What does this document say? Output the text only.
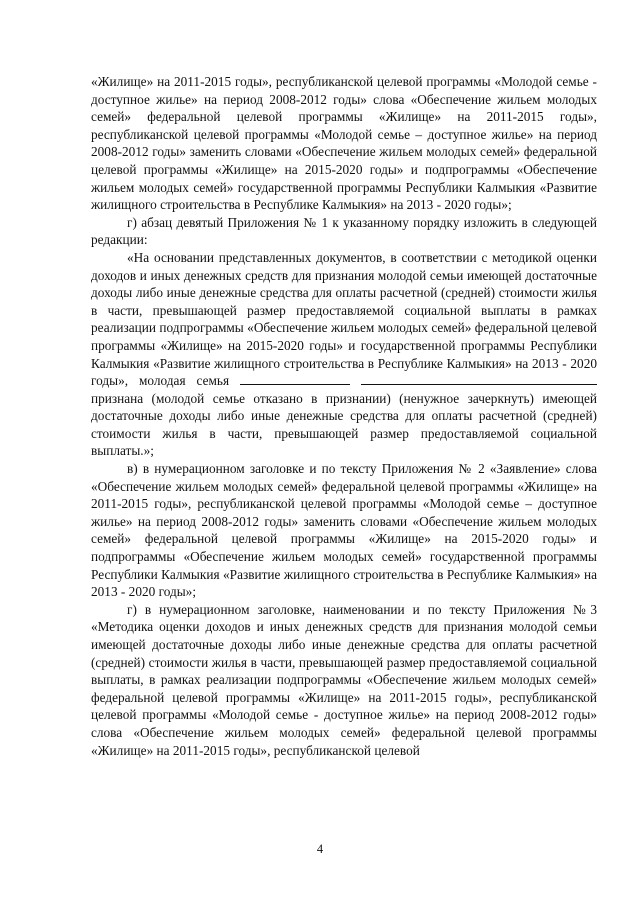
«Жилище» на 2011-2015 годы», республиканской целевой программы «Молодой семье - доступное жилье» на период 2008-2012 годы» слова «Обеспечение жильем молодых семей» федеральной целевой программы «Жилище» на 2011-2015 годы», республиканской целевой программы «Молодой семье – доступное жилье» на период 2008-2012 годы» заменить словами «Обеспечение жильем молодых семей» федеральной целевой программы «Жилище» на 2015-2020 годы» и подпрограммы «Обеспечение жильем молодых семей» государственной программы Республики Калмыкия «Развитие жилищного строительства в Республике Калмыкия» на 2013 - 2020 годы»;

г) абзац девятый Приложения № 1 к указанному порядку изложить в следующей редакции:

«На основании представленных документов, в соответствии с методикой оценки доходов и иных денежных средств для признания молодой семьи имеющей достаточные доходы либо иные денежные средства для оплаты расчетной (средней) стоимости жилья в части, превышающей размер предоставляемой социальной выплаты в рамках реализации подпрограммы «Обеспечение жильем молодых семей» федеральной целевой программы «Жилище» на 2015-2020 годы» и государственной программы Республики Калмыкия «Развитие жилищного строительства в Республике Калмыкия» на 2013 - 2020 годы», молодая семья   признана (молодой семье отказано в признании) (ненужное зачеркнуть) имеющей достаточные доходы либо иные денежные средства для оплаты расчетной (средней) стоимости жилья в части, превышающей размер предоставляемой социальной выплаты.»;

в) в нумерационном заголовке и по тексту Приложения № 2 «Заявление» слова «Обеспечение жильем молодых семей» федеральной целевой программы «Жилище» на 2011-2015 годы», республиканской целевой программы «Молодой семье – доступное жилье» на период 2008-2012 годы» заменить словами «Обеспечение жильем молодых семей» федеральной целевой программы «Жилище» на 2015-2020 годы» и подпрограммы «Обеспечение жильем молодых семей» государственной программы Республики Калмыкия «Развитие жилищного строительства в Республике Калмыкия» на 2013 - 2020 годы»;

г) в нумерационном заголовке, наименовании и по тексту Приложения №3 «Методика оценки доходов и иных денежных средств для признания молодой семьи имеющей достаточные доходы либо иные денежные средства для оплаты расчетной (средней) стоимости жилья в части, превышающей размер предоставляемой социальной выплаты, в рамках реализации подпрограммы «Обеспечение жильем молодых семей» федеральной целевой программы «Жилище» на 2011-2015 годы», республиканской целевой программы «Молодой семье - доступное жилье» на период 2008-2012 годы» слова «Обеспечение жильем молодых семей» федеральной целевой программы «Жилище» на 2011-2015 годы», республиканской целевой

4
